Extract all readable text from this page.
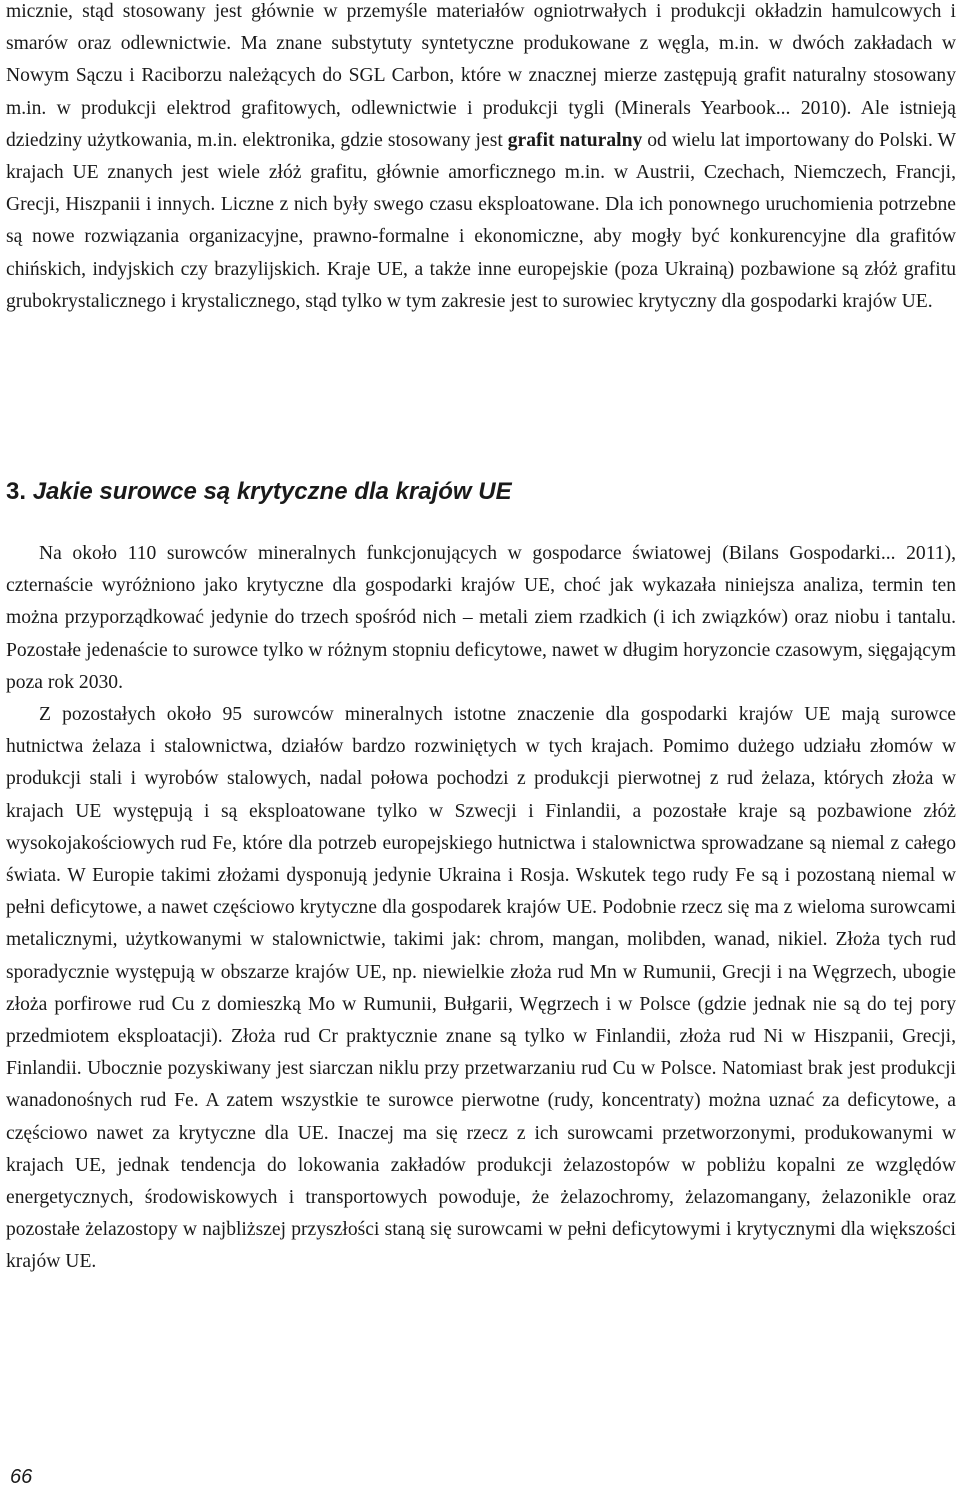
micznie, stąd stosowany jest głównie w przemyśle materiałów ogniotrwałych i produkcji okładzin hamulcowych i smarów oraz odlewnictwie. Ma znane substytuty syntetyczne produkowane z węgla, m.in. w dwóch zakładach w Nowym Sączu i Raciborzu należących do SGL Carbon, które w znacznej mierze zastępują grafit naturalny stosowany m.in. w produkcji elektrod grafitowych, odlewnictwie i produkcji tygli (Minerals Yearbook... 2010). Ale istnieją dziedziny użytkowania, m.in. elektronika, gdzie stosowany jest grafit naturalny od wielu lat importowany do Polski. W krajach UE znanych jest wiele złóż grafitu, głównie amorficznego m.in. w Austrii, Czechach, Niemczech, Francji, Grecji, Hiszpanii i innych. Liczne z nich były swego czasu eksploatowane. Dla ich ponownego uruchomienia potrzebne są nowe rozwiązania organizacyjne, prawno-formalne i ekonomiczne, aby mogły być konkurencyjne dla grafitów chińskich, indyjskich czy brazylijskich. Kraje UE, a także inne europejskie (poza Ukrainą) pozbawione są złóż grafitu grubokrystalicznego i krystalicznego, stąd tylko w tym zakresie jest to surowiec krytyczny dla gospodarki krajów UE.

3. Jakie surowce są krytyczne dla krajów UE

Na około 110 surowców mineralnych funkcjonujących w gospodarce światowej (Bilans Gospodarki... 2011), czternaście wyróżniono jako krytyczne dla gospodarki krajów UE, choć jak wykazała niniejsza analiza, termin ten można przyporządkować jedynie do trzech spośród nich – metali ziem rzadkich (i ich związków) oraz niobu i tantalu. Pozostałe jedenaście to surowce tylko w różnym stopniu deficytowe, nawet w długim horyzoncie czasowym, sięgającym poza rok 2030.

Z pozostałych około 95 surowców mineralnych istotne znaczenie dla gospodarki krajów UE mają surowce hutnictwa żelaza i stalownictwa, działów bardzo rozwiniętych w tych krajach. Pomimo dużego udziału złomów w produkcji stali i wyrobów stalowych, nadal połowa pochodzi z produkcji pierwotnej z rud żelaza, których złoża w krajach UE występują i są eksploatowane tylko w Szwecji i Finlandii, a pozostałe kraje są pozbawione złóż wysokojakościowych rud Fe, które dla potrzeb europejskiego hutnictwa i stalownictwa sprowadzane są niemal z całego świata. W Europie takimi złożami dysponują jedynie Ukraina i Rosja. Wskutek tego rudy Fe są i pozostaną niemal w pełni deficytowe, a nawet częściowo krytyczne dla gospodarek krajów UE. Podobnie rzecz się ma z wieloma surowcami metalicznymi, użytkowanymi w stalownictwie, takimi jak: chrom, mangan, molibden, wanad, nikiel. Złoża tych rud sporadycznie występują w obszarze krajów UE, np. niewielkie złoża rud Mn w Rumunii, Grecji i na Węgrzech, ubogie złoża porfirowe rud Cu z domieszką Mo w Rumunii, Bułgarii, Węgrzech i w Polsce (gdzie jednak nie są do tej pory przedmiotem eksploatacji). Złoża rud Cr praktycznie znane są tylko w Finlandii, złoża rud Ni w Hiszpanii, Grecji, Finlandii. Ubocznie pozyskiwany jest siarczan niklu przy przetwarzaniu rud Cu w Polsce. Natomiast brak jest produkcji wanadonośnych rud Fe. A zatem wszystkie te surowce pierwotne (rudy, koncentraty) można uznać za deficytowe, a częściowo nawet za krytyczne dla UE. Inaczej ma się rzecz z ich surowcami przetworzonymi, produkowanymi w krajach UE, jednak tendencja do lokowania zakładów produkcji żelazostopów w pobliżu kopalni ze względów energetycznych, środowiskowych i transportowych powoduje, że żelazochromy, żelazomangany, żelazonikle oraz pozostałe żelazostopy w najbliższej przyszłości staną się surowcami w pełni deficytowymi i krytycznymi dla większości krajów UE.

66
